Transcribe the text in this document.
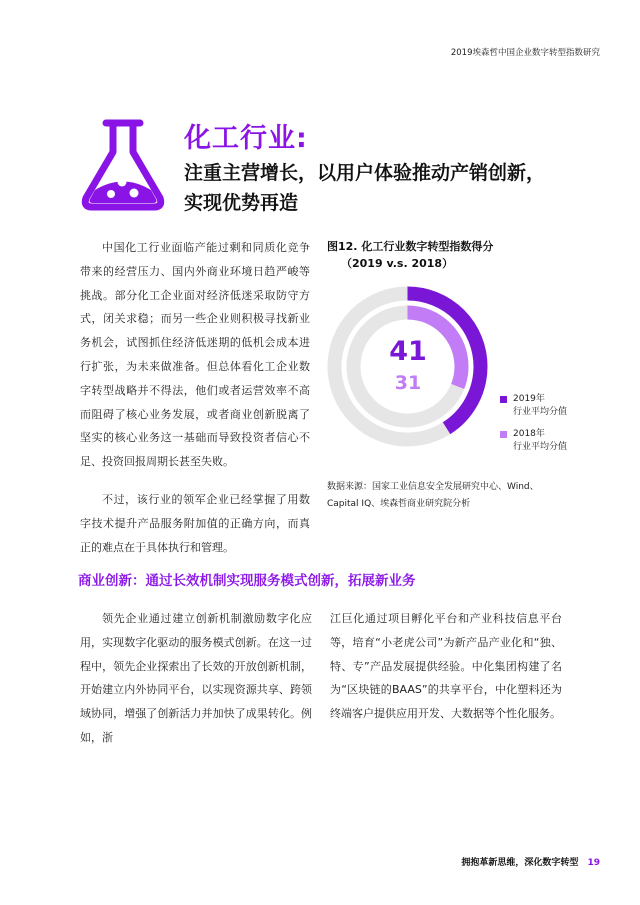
2019埃森哲中国企业数字转型指数研究
化工行业:
注重主营增长，以用户体验推动产销创新，
实现优势再造

中国化工行业面临产能过剩和同质化竞争带来的经营压力、国内外商业环境日趋严峻等挑战。部分化工企业面对经济低迷采取防守方式，闭关求稳；而另一些企业则积极寻找新业务机会，试图抓住经济低迷期的低机会成本进行扩张，为未来做准备。但总体看化工企业数字转型战略并不得法，他们或者运营效率不高而阻碍了核心业务发展，或者商业创新脱离了坚实的核心业务这一基础而导致投资者信心不足、投资回报周期长甚至失败。

不过，该行业的领军企业已经掌握了用数字技术提升产品服务附加值的正确方向，而真正的难点在于具体执行和管理。

图12. 化工行业数字转型指数得分
（2019 v.s. 2018）
41
31
2019年
行业平均分值
2018年
行业平均分值
数据来源：国家工业信息安全发展研究中心、Wind、Capital IQ、埃森哲商业研究院分析
商业创新：通过长效机制实现服务模式创新，拓展新业务

领先企业通过建立创新机制激励数字化应用，实现数字化驱动的服务模式创新。在这一过程中，领先企业探索出了长效的开放创新机制，开始建立内外协同平台，以实现资源共享、跨领域协同，增强了创新活力并加快了成果转化。例如，浙

江巨化通过项目孵化平台和产业科技信息平台等，培育“小老虎公司”为新产品产业化和“独、特、专”产品发展提供经验。中化集团构建了名为“区块链的BAAS”的共享平台，中化塑料还为终端客户提供应用开发、大数据等个性化服务。

拥抱革新思维，深化数字转型 19
